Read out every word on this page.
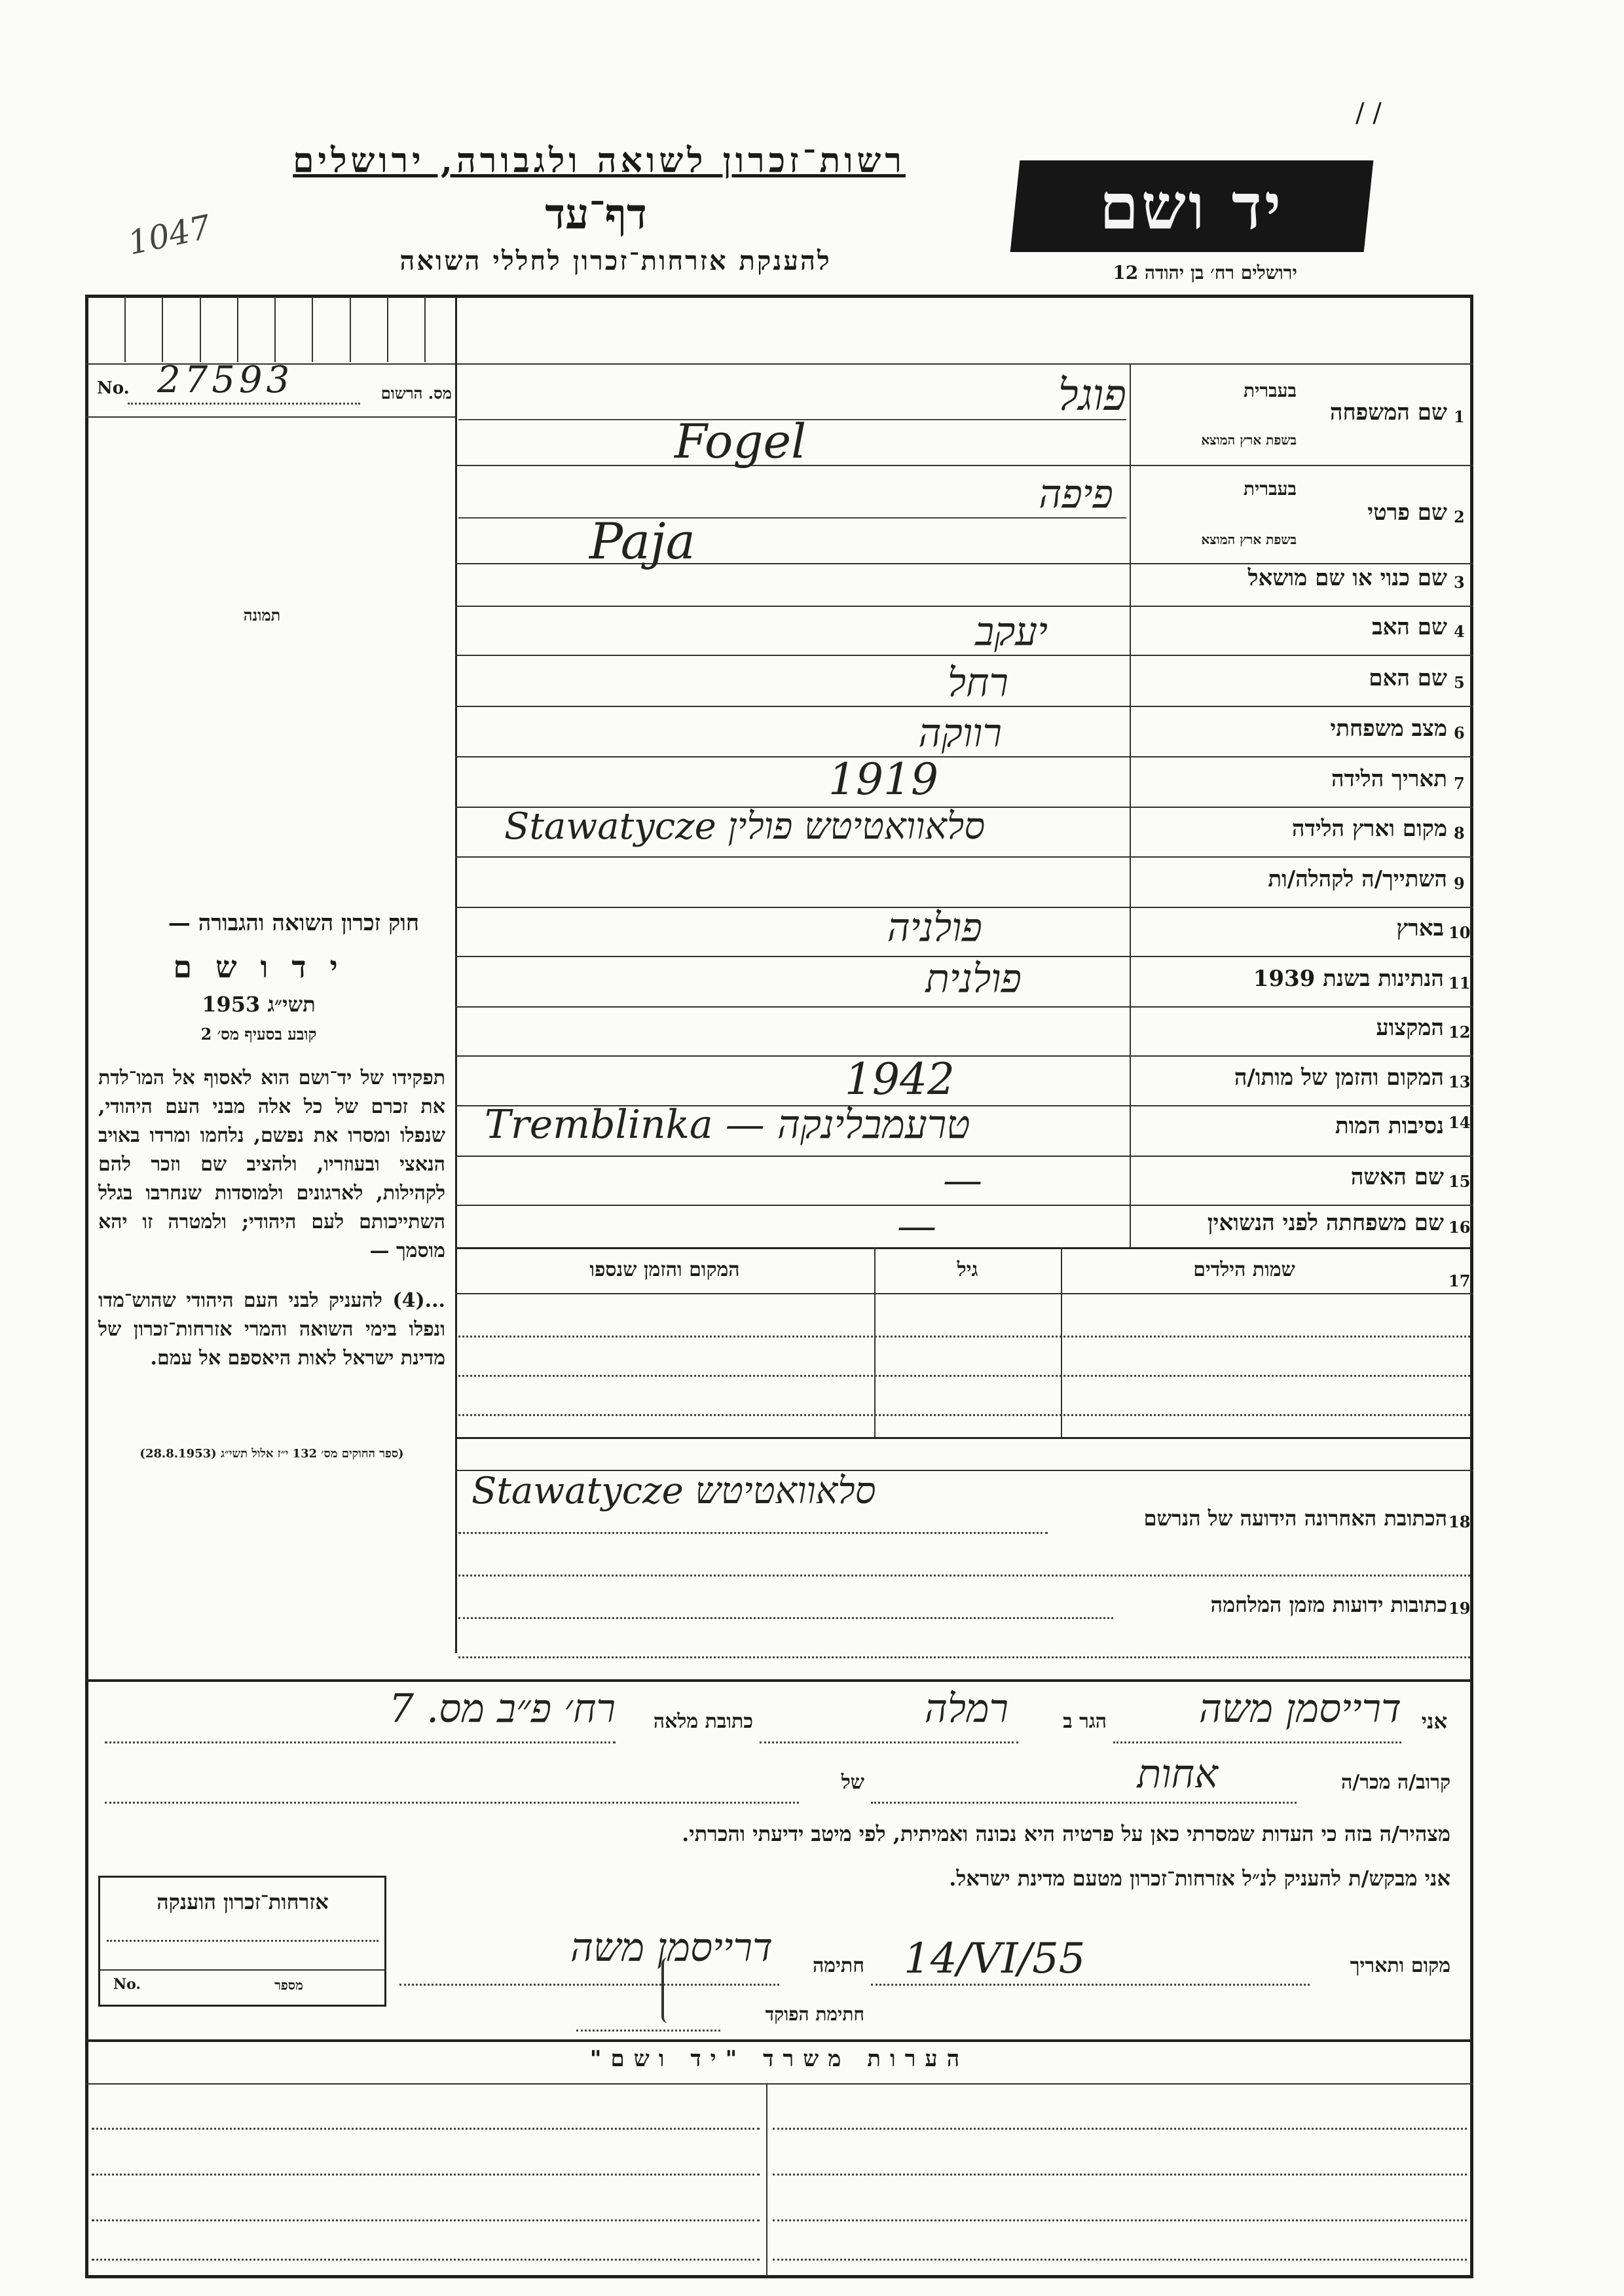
/ /
רשות־זכרון לשואה ולגבורה, ירושלים
דף־עד
להענקת אזרחות־זכרון לחללי השואה
1047	יד ושם
ירושלים רח׳ בן יהודה 12
No. 27593	מס. הרשום
תמונה
חוק זכרון השואה והגבורה —
י ד ו ש ם
תשי״ג 1953
קובע בסעיף מס׳ 2
תפקידו של יד־ושם הוא לאסוף אל המו־לדת את זכרם של כל אלה מבני העם היהודי, שנפלו ומסרו את נפשם, נלחמו ומרדו באויב הנאצי ובעוזריו, ולהציב שם וזכר להם לקהילות, לארגונים ולמוסדות שנחרבו בגלל השתייכותם לעם היהודי; ולמטרה זו יהא מוסמך —
...(4) להעניק לבני העם היהודי שהוש־מדו ונפלו בימי השואה והמרי אזרחות־זכרון של מדינת ישראל לאות היאספם אל עמם.
(ספר החוקים מס׳ 132 י״ז אלול תשי״ג (28.8.1953)
1
שם המשפחה
בעברית
בשפת ארץ המוצא
פוגל
Fogel
2
שם פרטי
בעברית
בשפת ארץ המוצא
פיפה
Paja
3
שם כנוי או שם מושאל
4
שם האב
יעקב
5
שם האם
רחל
6
מצב משפחתי
רווקה
7
תאריך הלידה
1919
8
מקום וארץ הלידה
Stawatycze סלאוואטיטש פולין
9
השתייך/ה לקהלה/ות
10
בארץ
פולניה
11
הנתינות בשנת 1939
פולנית
12
המקצוע
13
המקום והזמן של מותו/ה
1942
14
נסיבות המות
Tremblinka — טרעמבלינקה
15
שם האשה
—
16
שם משפחתה לפני הנשואין
—
17
שמות הילדים
גיל
המקום והזמן שנספו
Stawatycze סלאוואטיטש
הכתובת האחרונה הידועה של הנרשם 18
כתובות ידועות מזמן המלחמה 19
אני
דרייסמן משה
הגר ב
רמלה
כתובת מלאה
רח׳ פ״ב מס. 7
קרוב/ה מכר/ה
אחות
של
מצהיר/ה בזה כי העדות שמסרתי כאן על פרטיה היא נכונה ואמיתית, לפי מיטב ידיעתי והכרתי.
אני מבקש/ת להעניק לנ״ל אזרחות־זכרון מטעם מדינת ישראל.
מקום ותאריך
14/VI/55
חתימה
דרייסמן משה
חתימת הפוקד
אזרחות־זכרון הוענקה
No.	מספר
הערות משרד "יד ושם"
